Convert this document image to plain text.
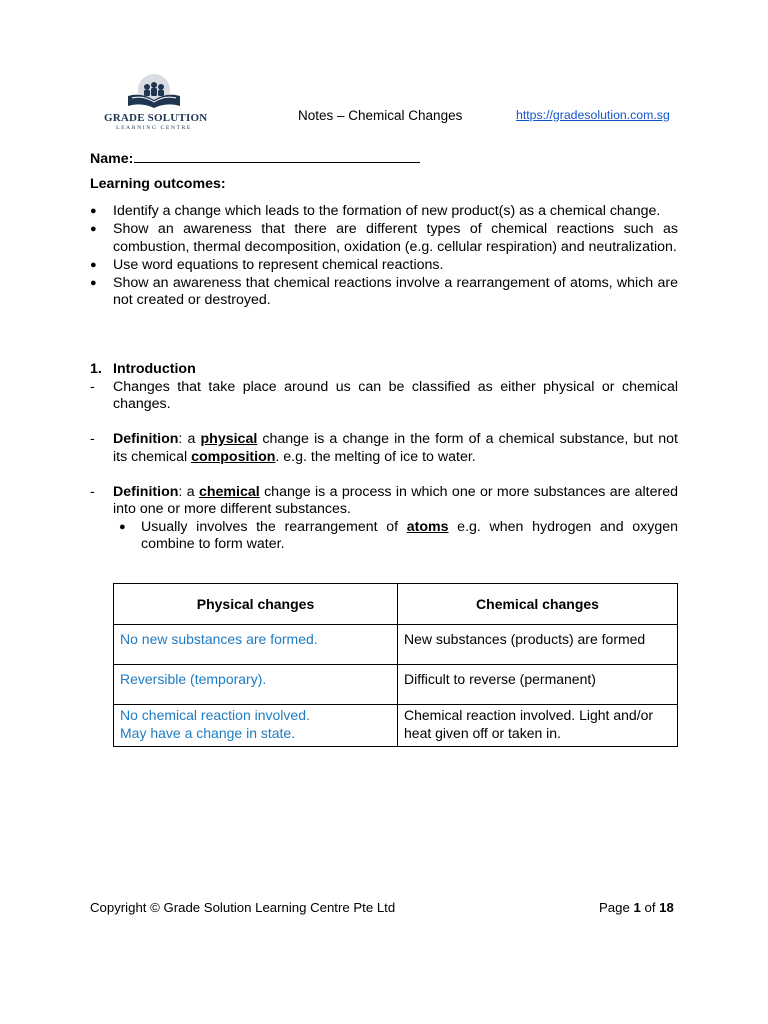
GRADE SOLUTION
LEARNING CENTRE
Notes – Chemical Changes	https://gradesolution.com.sg
Name:
Learning outcomes:
● Identify a change which leads to the formation of new product(s) as a chemical change.
● Show an awareness that there are different types of chemical reactions such as combustion, thermal decomposition, oxidation (e.g. cellular respiration) and neutralization.
● Use word equations to represent chemical reactions.
● Show an awareness that chemical reactions involve a rearrangement of atoms, which are not created or destroyed.
1. Introduction
- Changes that take place around us can be classified as either physical or chemical changes.
- Definition: a physical change is a change in the form of a chemical substance, but not its chemical composition. e.g. the melting of ice to water.
- Definition: a chemical change is a process in which one or more substances are altered into one or more different substances.
● Usually involves the rearrangement of atoms e.g. when hydrogen and oxygen combine to form water.
Physical changes	Chemical changes
No new substances are formed.	New substances (products) are formed
Reversible (temporary).	Difficult to reverse (permanent)

No chemical reaction involved.
May have a change in state.	Chemical reaction involved. Light and/or heat given off or taken in.
Copyright © Grade Solution Learning Centre Pte Ltd	Page 1 of 18
